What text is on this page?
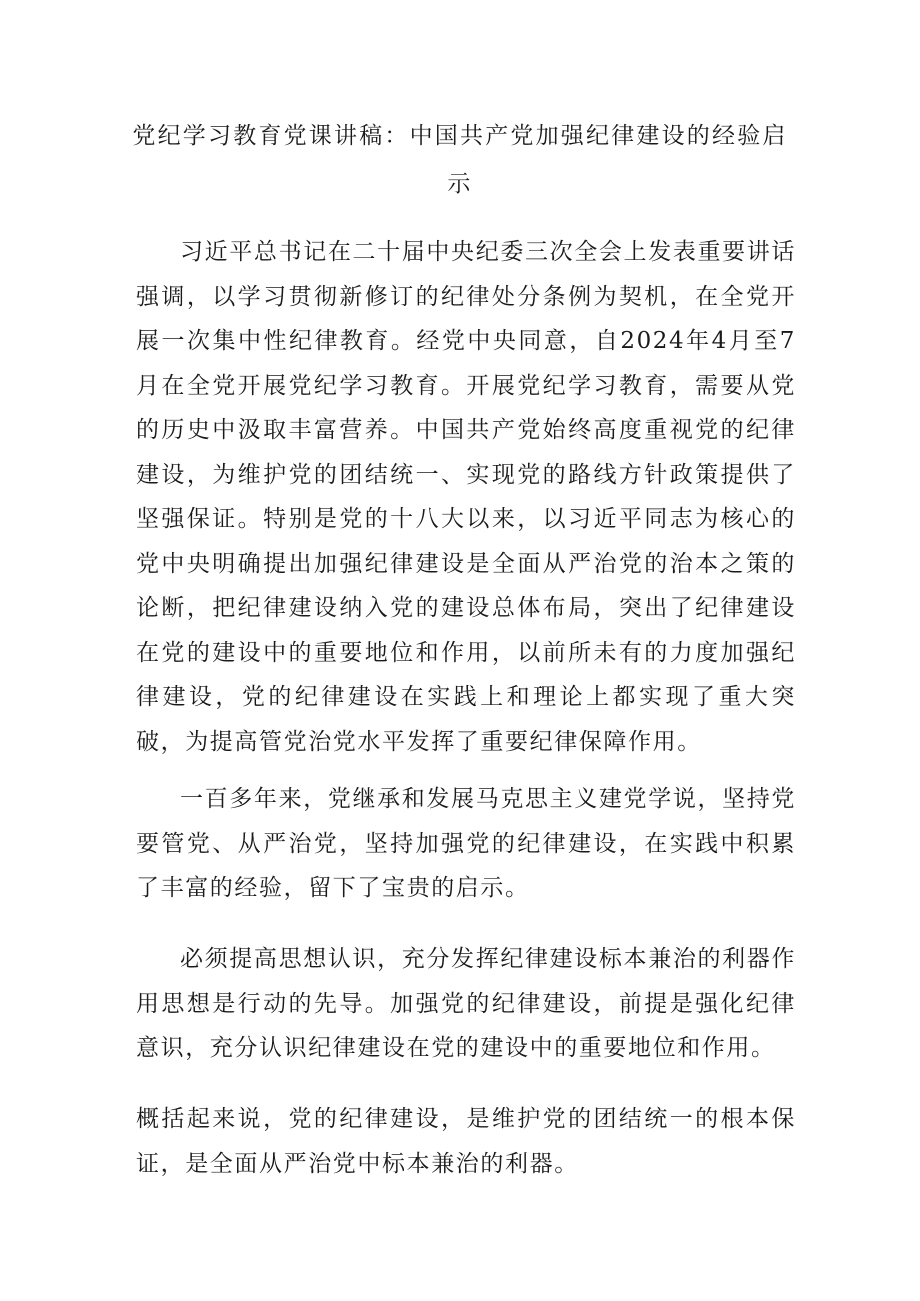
党纪学习教育党课讲稿：中国共产党加强纪律建设的经验启示

习近平总书记在二十届中央纪委三次全会上发表重要讲话强调，以学习贯彻新修订的纪律处分条例为契机，在全党开展一次集中性纪律教育。经党中央同意，自2024年4月至7月在全党开展党纪学习教育。开展党纪学习教育，需要从党的历史中汲取丰富营养。中国共产党始终高度重视党的纪律建设，为维护党的团结统一、实现党的路线方针政策提供了坚强保证。特别是党的十八大以来，以习近平同志为核心的党中央明确提出加强纪律建设是全面从严治党的治本之策的论断，把纪律建设纳入党的建设总体布局，突出了纪律建设在党的建设中的重要地位和作用，以前所未有的力度加强纪律建设，党的纪律建设在实践上和理论上都实现了重大突破，为提高管党治党水平发挥了重要纪律保障作用。

一百多年来，党继承和发展马克思主义建党学说，坚持党要管党、从严治党，坚持加强党的纪律建设，在实践中积累了丰富的经验，留下了宝贵的启示。

必须提高思想认识，充分发挥纪律建设标本兼治的利器作用思想是行动的先导。加强党的纪律建设，前提是强化纪律意识，充分认识纪律建设在党的建设中的重要地位和作用。

概括起来说，党的纪律建设，是维护党的团结统一的根本保证，是全面从严治党中标本兼治的利器。
